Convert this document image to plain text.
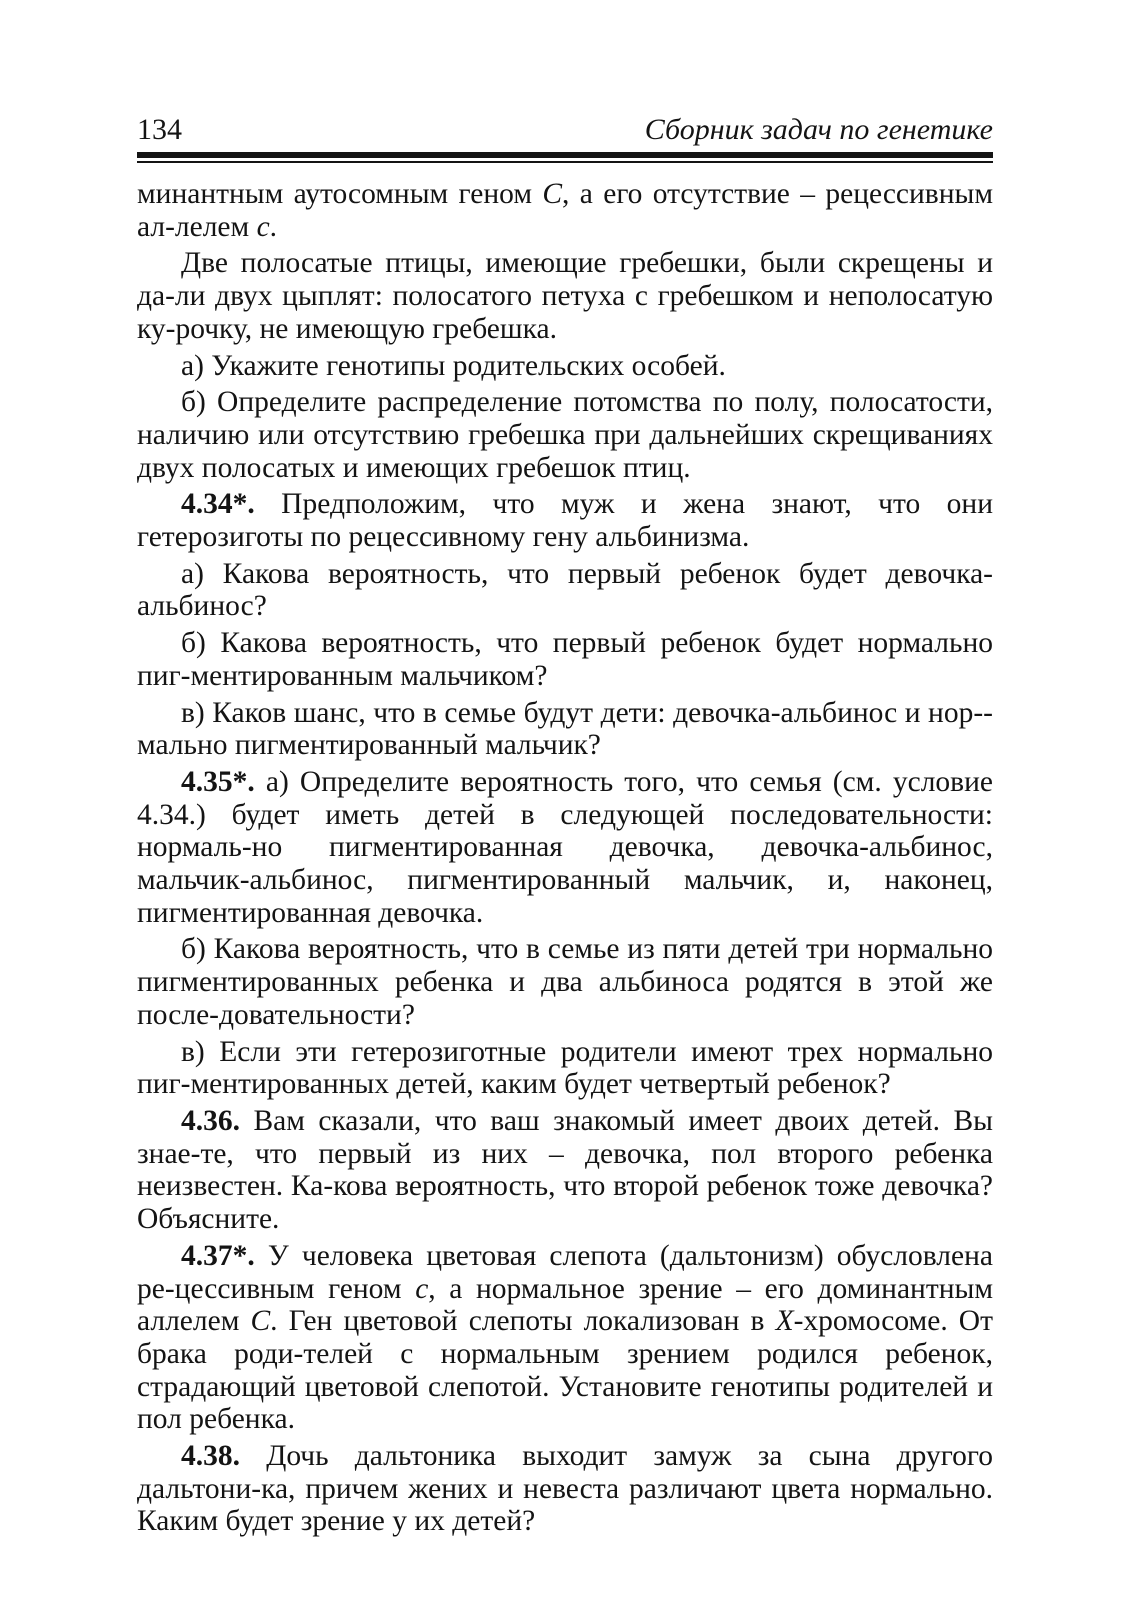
134	Сборник задач по генетике

минантным аутосомным геном С, а его отсутствие – рецессивным ал-лелем с.

Две полосатые птицы, имеющие гребешки, были скрещены и да-ли двух цыплят: полосатого петуха с гребешком и неполосатую ку-рочку, не имеющую гребешка.

а) Укажите генотипы родительских особей.

б) Определите распределение потомства по полу, полосатости, наличию или отсутствию гребешка при дальнейших скрещиваниях двух полосатых и имеющих гребешок птиц.

4.34*. Предположим, что муж и жена знают, что они гетерозиготы по рецессивному гену альбинизма.

а) Какова вероятность, что первый ребенок будет девочка-альбинос?

б) Какова вероятность, что первый ребенок будет нормально пиг-ментированным мальчиком?

в) Каков шанс, что в семье будут дети: девочка-альбинос и нор-мально пигментированный мальчик?

4.35*. а) Определите вероятность того, что семья (см. условие 4.34.) будет иметь детей в следующей последовательности: нормаль-но пигментированная девочка, девочка-альбинос, мальчик-альбинос, пигментированный мальчик, и, наконец, пигментированная девочка.

б) Какова вероятность, что в семье из пяти детей три нормально пигментированных ребенка и два альбиноса родятся в этой же после-довательности?

в) Если эти гетерозиготные родители имеют трех нормально пиг-ментированных детей, каким будет четвертый ребенок?

4.36. Вам сказали, что ваш знакомый имеет двоих детей. Вы знае-те, что первый из них – девочка, пол второго ребенка неизвестен. Ка-кова вероятность, что второй ребенок тоже девочка? Объясните.

4.37*. У человека цветовая слепота (дальтонизм) обусловлена ре-цессивным геном с, а нормальное зрение – его доминантным аллелем С. Ген цветовой слепоты локализован в X-хромосоме. От брака роди-телей с нормальным зрением родился ребенок, страдающий цветовой слепотой. Установите генотипы родителей и пол ребенка.

4.38. Дочь дальтоника выходит замуж за сына другого дальтони-ка, причем жених и невеста различают цвета нормально. Каким будет зрение у их детей?
